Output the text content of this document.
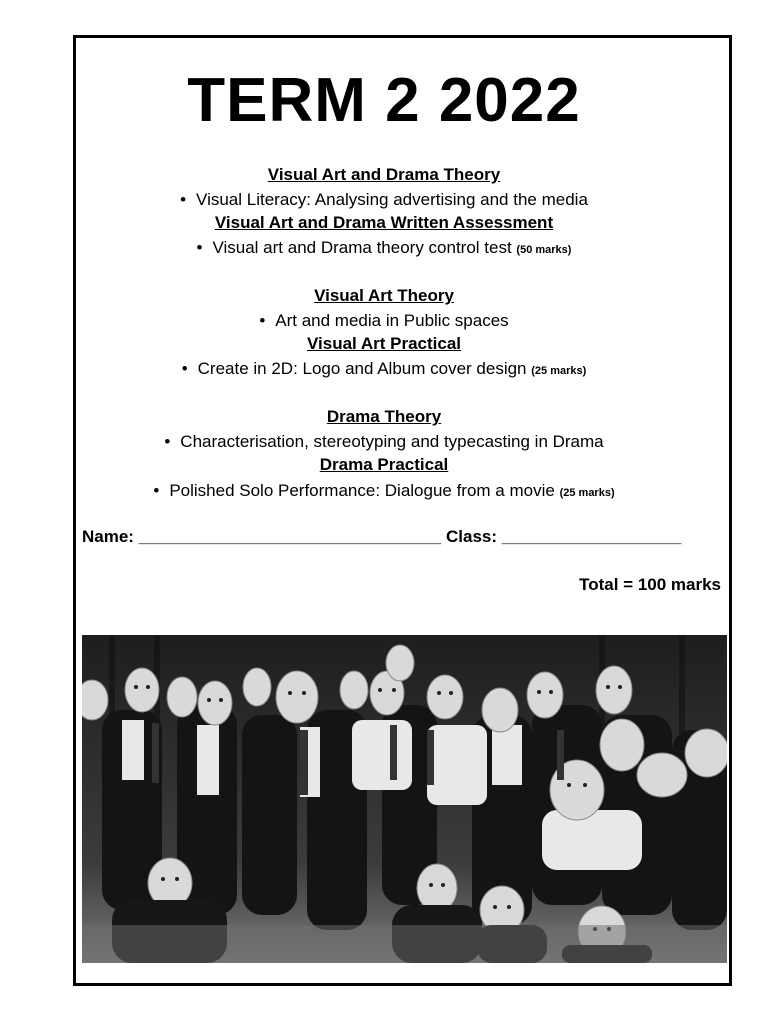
TERM 2 2022
Visual Art and Drama Theory
• Visual Literacy: Analysing advertising and the media
Visual Art and Drama Written Assessment
• Visual art and Drama theory control test (50 marks)
Visual Art Theory
• Art and media in Public spaces
Visual Art Practical
• Create in 2D: Logo and Album cover design (25 marks)
Drama Theory
• Characterisation, stereotyping and typecasting in Drama
Drama Practical
• Polished Solo Performance: Dialogue from a movie (25 marks)
Name: ________________________________ Class: ___________________
Total = 100 marks
